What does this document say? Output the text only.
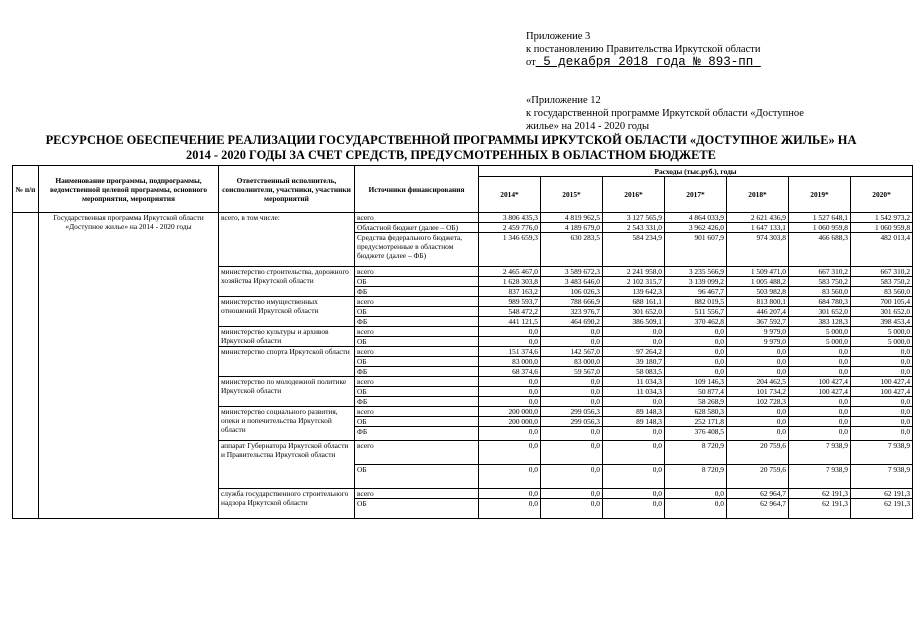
Приложение 3
к постановлению Правительства Иркутской области
от 5 декабря 2018 года № 893-пп
«Приложение 12
к государственной программе Иркутской области «Доступное
жилье» на 2014 - 2020 годы
РЕСУРСНОЕ ОБЕСПЕЧЕНИЕ РЕАЛИЗАЦИИ ГОСУДАРСТВЕННОЙ ПРОГРАММЫ ИРКУТСКОЙ ОБЛАСТИ «ДОСТУПНОЕ ЖИЛЬЕ» НА
2014 - 2020 ГОДЫ ЗА СЧЕТ СРЕДСТВ, ПРЕДУСМОТРЕННЫХ В ОБЛАСТНОМ БЮДЖЕТЕ
№ п/п	Наименование программы, подпрограммы, ведомственной целевой программы, основного мероприятия, мероприятия	Ответственный исполнитель, соисполнители, участники, участники мероприятий	Источники финансирования	Расходы (тыс.руб.), годы						
				2014*	2015*	2016*	2017*	2018*	2019*	2020*
	Государственная программа Иркутской области «Доступное жилье» на 2014 - 2020 годы	всего, в том числе:	всего	3 806 435,3	4 819 962,5	3 127 565,9	4 864 033,9	2 621 436,9	1 527 648,1	1 542 973,2
			Областной бюджет (далее – ОБ)	2 459 776,0	4 189 679,0	2 543 331,0	3 962 426,0	1 647 133,1	1 060 959,8	1 060 959,8
			Средства федерального бюджета, предусмотренные в областном бюджете (далее – ФБ)	1 346 659,3	630 283,5	584 234,9	901 607,9	974 303,8	466 688,3	482 013,4
		министерство строительства, дорожного хозяйства Иркутской области	всего	2 465 467,0	3 589 672,3	2 241 958,0	3 235 566,9	1 509 471,0	667 310,2	667 310,2
			ОБ	1 628 303,8	3 483 646,0	2 102 315,7	3 139 099,2	1 005 488,2	583 750,2	583 750,2
			ФБ	837 163,2	106 026,3	139 642,3	96 467,7	503 982,8	83 560,0	83 560,0
		министерство имущественных отношений Иркутской области	всего	989 593,7	788 666,9	688 161,1	882 019,5	813 800,1	684 780,3	700 105,4
			ОБ	548 472,2	323 976,7	301 652,0	511 556,7	446 207,4	301 652,0	301 652,0
			ФБ	441 121,5	464 690,2	386 509,1	370 462,8	367 592,7	383 128,3	398 453,4
		министерство культуры и архивов Иркутской области	всего	0,0	0,0	0,0	0,0	9 979,0	5 000,0	5 000,0
			ОБ	0,0	0,0	0,0	0,0	9 979,0	5 000,0	5 000,0
		министерство спорта Иркутской области	всего	151 374,6	142 567,0	97 264,2	0,0	0,0	0,0	0,0
			ОБ	83 000,0	83 000,0	39 180,7	0,0	0,0	0,0	0,0
			ФБ	68 374,6	59 567,0	58 083,5	0,0	0,0	0,0	0,0
		министерство по молодежной политике Иркутской области	всего	0,0	0,0	11 034,3	109 146,3	204 462,5	100 427,4	100 427,4
			ОБ	0,0	0,0	11 034,3	50 877,4	101 734,2	100 427,4	100 427,4
			ФБ	0,0	0,0	0,0	58 268,9	102 728,3	0,0	0,0
		министерство социального развития, опеки и попечительства Иркутской области	всего	200 000,0	299 056,3	89 148,3	628 580,3	0,0	0,0	0,0
			ОБ	200 000,0	299 056,3	89 148,3	252 171,8	0,0	0,0	0,0
			ФБ	0,0	0,0	0,0	376 408,5	0,0	0,0	0,0
		аппарат Губернатора Иркутской области и Правительства Иркутской области	всего	0,0	0,0	0,0	8 720,9	20 759,6	7 938,9	7 938,9
			ОБ	0,0	0,0	0,0	8 720,9	20 759,6	7 938,9	7 938,9
		служба государственного строительного надзора Иркутской области	всего	0,0	0,0	0,0	0,0	62 964,7	62 191,3	62 191,3
			ОБ	0,0	0,0	0,0	0,0	62 964,7	62 191,3	62 191,3
